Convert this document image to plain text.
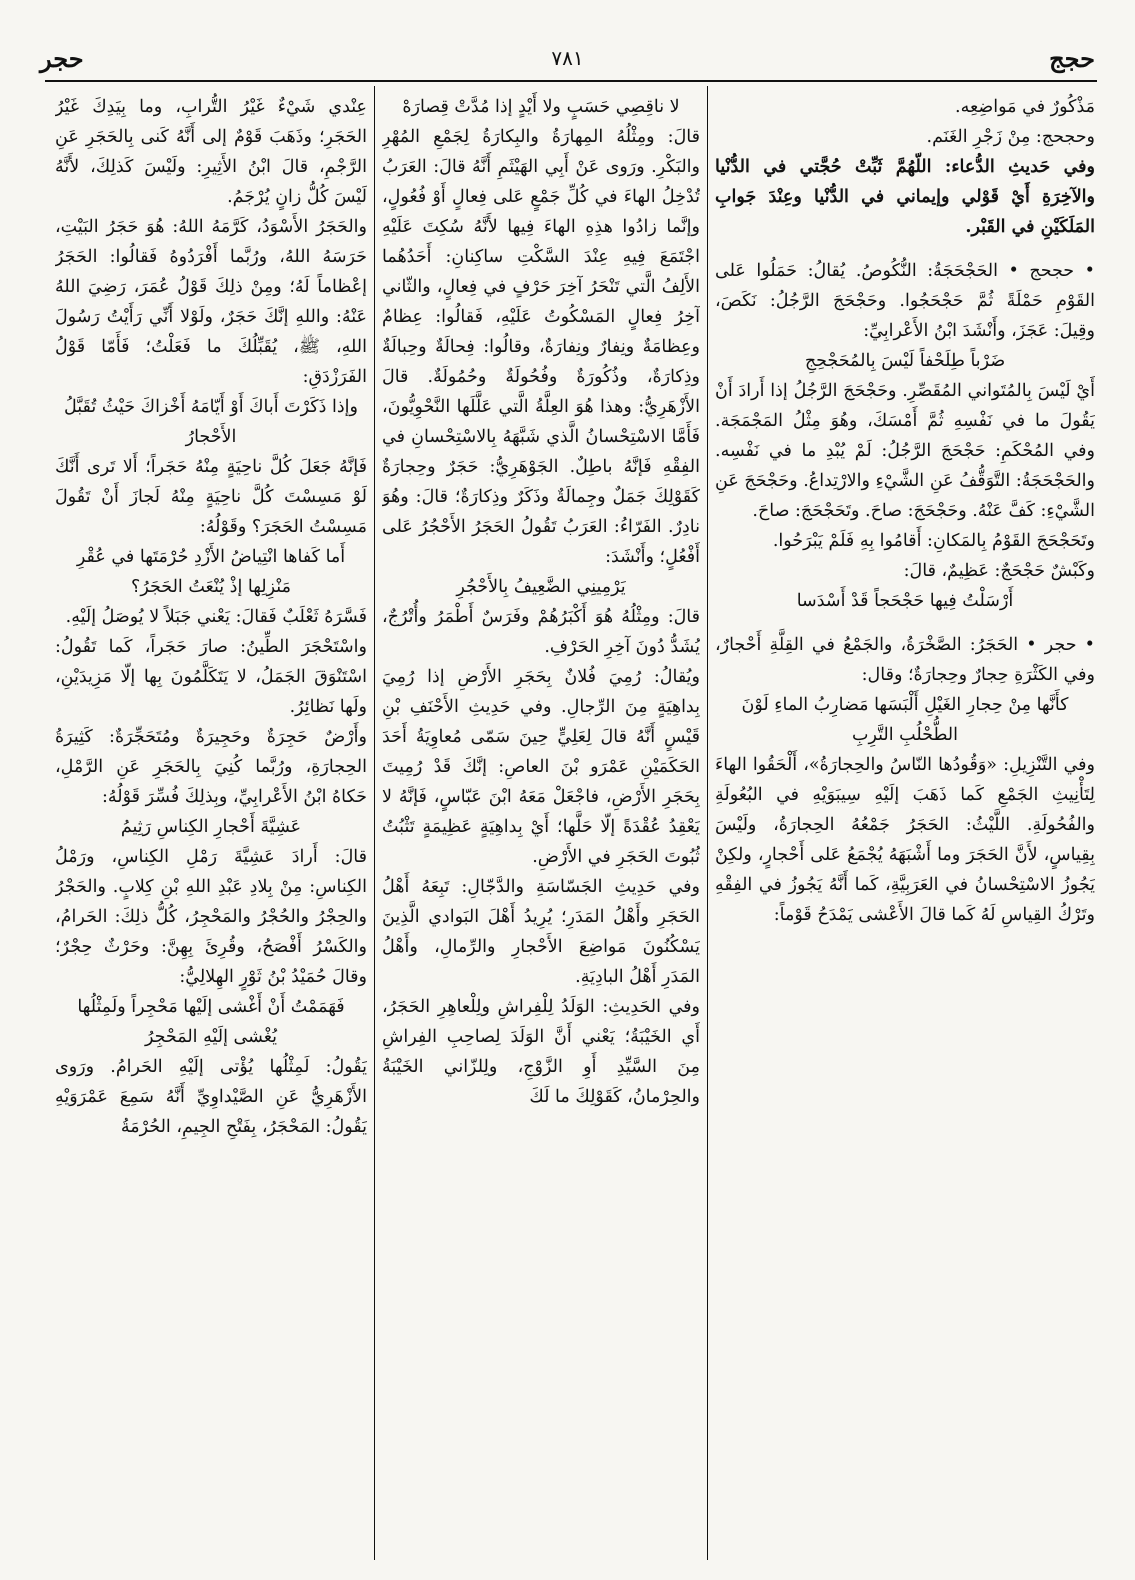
حجج
٧٨١
حجر

مَذْكُورٌ في مَواضِعِه.

وحجحج: مِنْ زَجْرِ الغَنَم.

وفي حَديثِ الدُّعاء: اللّهُمَّ ثَبِّتْ حُجَّتي في الدُّنْيا والآخِرَةِ أَيْ قَوْلي وإيماني في الدُّنْيا وعِنْدَ جَوابِ المَلَكَيْنِ في القَبْر.

• حجحج • الحَجْحَجَةُ: النُّكُوصُ. يُقالُ: حَمَلُوا عَلى القَوْمِ حَمْلَةً ثُمَّ حَجْحَجُوا. وحَجْحَجَ الرَّجُلُ: نَكَصَ، وقِيلَ: عَجَزَ، وأَنْشَدَ ابْنُ الأَعْرابِيِّ:

ضَرْباً طِلَحْفاً لَيْسَ بِالمُحَجْحِجِ

أَيْ لَيْسَ بِالمُتَواني المُقَصِّرِ. وحَجْحَجَ الرَّجُلُ إذا أَرادَ أَنْ يَقُولَ ما في نَفْسِهِ ثُمَّ أَمْسَكَ، وهُوَ مِثْلُ المَجْمَجَة. وفي المُحْكَمِ: حَجْحَجَ الرَّجُلُ: لَمْ يُبْدِ ما في نَفْسِه. والحَجْحَجَةُ: التَّوَقُّفُ عَنِ الشَّيْءِ والارْتِداعُ. وحَجْحَجَ عَنِ الشَّيْءِ: كَفَّ عَنْهُ. وحَجْحَجَ: صاحَ. وتَحَجْحَجَ: صاحَ.

وتَحَجْحَجَ القَوْمُ بِالمَكانِ: أَقامُوا بِهِ فَلَمْ يَبْرَحُوا.

وكَبْشٌ حَجْحَجٌ: عَظِيمٌ، قالَ:

أَرْسَلْتُ فِيها حَجْحَجاً قَدْ أَسْدَسا

• حجر • الحَجَرُ: الصَّخْرَةُ، والجَمْعُ في القِلَّةِ أَحْجارٌ، وفي الكَثْرَةِ حِجارٌ وحِجارَةٌ؛ وقال:

كأَنَّها مِنْ حِجارِ الغَيْلِ أَلْبَسَها مَضارِبُ الماءِ لَوْنَ الطُّحْلُبِ التَّرِبِ

وفي التَّنْزِيلِ: «وَقُودُها النّاسُ والحِجارَةُ»، أَلْحَقُوا الهاءَ لِتَأْنِيثِ الجَمْعِ كَما ذَهَبَ إلَيْهِ سِيبَوَيْهِ في البُعُولَةِ والفُحُولَةِ. اللَّيْثُ: الحَجَرُ جَمْعُهُ الحِجارَةُ، ولَيْسَ بِقِياسٍ، لأَنَّ الحَجَرَ وما أَشْبَهَهُ يُجْمَعُ عَلى أَحْجارٍ، ولكِنْ يَجُوزُ الاسْتِحْسانُ في العَرَبِيَّةِ، كَما أَنَّهُ يَجُوزُ في الفِقْهِ وتَرْكُ القِياسِ لَهُ كَما قالَ الأَعْشى يَمْدَحُ قَوْماً:

لا ناقِصِي حَسَبٍ ولا أَيْدٍ إذا مُدَّتْ قِصارَهْ

قالَ: ومِثْلُهُ المِهارَةُ والبِكارَةُ لِجَمْعِ المُهْرِ والبَكْرِ. ورَوى عَنْ أَبِي الهَيْثَمِ أَنَّهُ قالَ: العَرَبُ تُدْخِلُ الهاءَ في كُلِّ جَمْعٍ عَلى فِعالٍ أَوْ فُعُولٍ، وإنَّما زادُوا هذِهِ الهاءَ فِيها لأَنَّهُ سُكِتَ عَلَيْهِ اجْتَمَعَ فِيهِ عِنْدَ السَّكْتِ ساكِنانِ: أَحَدُهُما الأَلِفُ الَّتي تَنْحَرُ آخِرَ حَرْفٍ في فِعالٍ، والثّاني آخِرُ فِعالٍ المَسْكُوتُ عَلَيْهِ، فَقالُوا: عِظامٌ وعِظامَةٌ ونِفارٌ ونِفارَةٌ، وقالُوا: فِحالَةٌ وحِبالَةٌ وذِكارَةٌ، وذُكُورَةٌ وفُحُولَةٌ وحُمُولَةٌ. قالَ الأَزْهَرِيُّ: وهذا هُوَ العِلَّةُ الَّتي عَلَّلَها النَّحْوِيُّونَ، فَأَمَّا الاسْتِحْسانُ الَّذي شَبَّهَهُ بِالاسْتِحْسانِ في الفِقْهِ فَإنَّهُ باطِلٌ. الجَوْهَرِيُّ: حَجَرٌ وحِجارَةٌ كَقَوْلِكَ جَمَلٌ وجِمالَةٌ وذَكَرٌ وذِكارَةٌ؛ قالَ: وهُوَ نادِرٌ. الفَرّاءُ: العَرَبُ تَقُولُ الحَجَرُ الأَحْجُرُ عَلى أَفْعُلٍ؛ وأَنْشَدَ:

يَرْمِينِي الضَّعِيفُ بِالأَحْجُرِ

قالَ: ومِثْلُهُ هُوَ أَكْبَرُهُمْ وفَرَسٌ أَطْمَرُ وأُتْرُجٌ، يُشَدُّ دُونَ آخِرِ الحَرْفِ.

ويُقالُ: رُمِيَ فُلانٌ بِحَجَرِ الأَرْضِ إذا رُمِيَ بِداهِيَةٍ مِنَ الرِّجالِ. وفي حَدِيثِ الأَحْنَفِ بْنِ قَيْسٍ أَنَّهُ قالَ لِعَلِيٍّ حِينَ سَمّى مُعاوِيَةُ أَحَدَ الحَكَمَيْنِ عَمْرَو بْنَ العاصِ: إنَّكَ قَدْ رُمِيتَ بِحَجَرِ الأَرْضِ، فاجْعَلْ مَعَهُ ابْنَ عَبّاسٍ، فَإنَّهُ لا يَعْقِدُ عُقْدَةً إلّا حَلَّها؛ أَيْ بِداهِيَةٍ عَظِيمَةٍ تَثْبُتُ ثُبُوتَ الحَجَرِ في الأَرْضِ.

وفي حَدِيثِ الجَسّاسَةِ والدَّجّالِ: تَبِعَهُ أَهْلُ الحَجَرِ وأَهْلُ المَدَرِ؛ يُرِيدُ أَهْلَ البَوادي الَّذِينَ يَسْكُنُونَ مَواضِعَ الأَحْجارِ والرِّمالِ، وأَهْلُ المَدَرِ أَهْلُ البادِيَةِ.

وفي الحَدِيثِ: الوَلَدُ لِلْفِراشِ ولِلْعاهِرِ الحَجَرُ، أَي الخَيْبَةُ؛ يَعْني أَنَّ الوَلَدَ لِصاحِبِ الفِراشِ مِنَ السَّيِّدِ أَوِ الزَّوْجِ، ولِلزّاني الخَيْبَةُ والحِرْمانُ، كَقَوْلِكَ ما لَكَ

عِنْدي شَيْءٌ غَيْرُ التُّرابِ، وما بِيَدِكَ غَيْرُ الحَجَرِ؛ وذَهَبَ قَوْمٌ إلى أَنَّهُ كَنى بِالحَجَرِ عَنِ الرَّجْمِ، قالَ ابْنُ الأَثِيرِ: ولَيْسَ كَذلِكَ، لأَنَّهُ لَيْسَ كُلُّ زانٍ يُرْجَمُ.

والحَجَرُ الأَسْوَدُ، كَرَّمَهُ اللهُ: هُوَ حَجَرُ البَيْتِ، حَرَسَهُ اللهُ، ورُبَّما أَفْرَدُوهُ فَقالُوا: الحَجَرُ إعْظاماً لَهُ؛ ومِنْ ذلِكَ قَوْلُ عُمَرَ، رَضِيَ اللهُ عَنْهُ: واللهِ إنَّكَ حَجَرٌ، ولَوْلا أَنِّي رَأَيْتُ رَسُولَ اللهِ، ﷺ، يُقَبِّلُكَ ما فَعَلْتُ؛ فَأَمّا قَوْلُ الفَرَزْدَقِ:

وإذا ذَكَرْتَ أَباكَ أَوْ أَيّامَهُ أَخْزاكَ حَيْثُ تُقَبَّلُ الأَحْجارُ

فَإنَّهُ جَعَلَ كُلَّ ناحِيَةٍ مِنْهُ حَجَراً؛ أَلا تَرى أَنَّكَ لَوْ مَسِسْتَ كُلَّ ناحِيَةٍ مِنْهُ لَجازَ أَنْ تَقُولَ مَسِسْتُ الحَجَرَ؟ وقَوْلُهُ:

أَما كَفاها انْتِياضُ الأَزْدِ حُرْمَتَها في عُقْرِ مَنْزِلِها إذْ يُنْعَتُ الحَجَرُ؟

فَسَّرَهُ ثَعْلَبٌ فَقالَ: يَعْني جَبَلاً لا يُوصَلُ إلَيْهِ.

واسْتَحْجَرَ الطِّينُ: صارَ حَجَراً، كَما تَقُولُ: اسْتَنْوَقَ الجَمَلُ، لا يَتَكَلَّمُونَ بِها إلّا مَزِيدَيْنِ، ولَها نَظائِرُ.

وأَرْضٌ حَجِرَةٌ وحَجِيرَةٌ ومُتَحَجِّرَةٌ: كَثِيرَةُ الحِجارَةِ، ورُبَّما كُنِيَ بِالحَجَرِ عَنِ الرَّمْلِ، حَكاهُ ابْنُ الأَعْرابِيِّ، وبِذلِكَ فُسِّرَ قَوْلُهُ:

عَشِيَّةَ أَحْجارِ الكِناسِ رَثِيمُ

قالَ: أَرادَ عَشِيَّةَ رَمْلِ الكِناسِ، ورَمْلُ الكِناسِ: مِنْ بِلادِ عَبْدِ اللهِ بْنِ كِلابٍ. والحَجْرُ والحِجْرُ والحُجْرُ والمَحْجِرُ، كُلُّ ذلِكَ: الحَرامُ، والكَسْرُ أَفْصَحُ، وقُرِئَ بِهِنَّ: وحَرْثٌ حِجْرٌ؛ وقالَ حُمَيْدُ بْنُ ثَوْرٍ الهِلالِيُّ:

فَهَمَمْتُ أَنْ أَغْشى إلَيْها مَحْجِراً ولَمِثْلُها يُغْشى إلَيْهِ المَحْجِرُ

يَقُولُ: لَمِثْلُها يُؤْتى إلَيْهِ الحَرامُ. ورَوى الأَزْهَرِيُّ عَنِ الصَّيْداوِيِّ أَنَّهُ سَمِعَ عَمْرَوَيْهِ يَقُولُ: المَحْجَرُ، بِفَتْحِ الجِيمِ، الحُرْمَةُ
